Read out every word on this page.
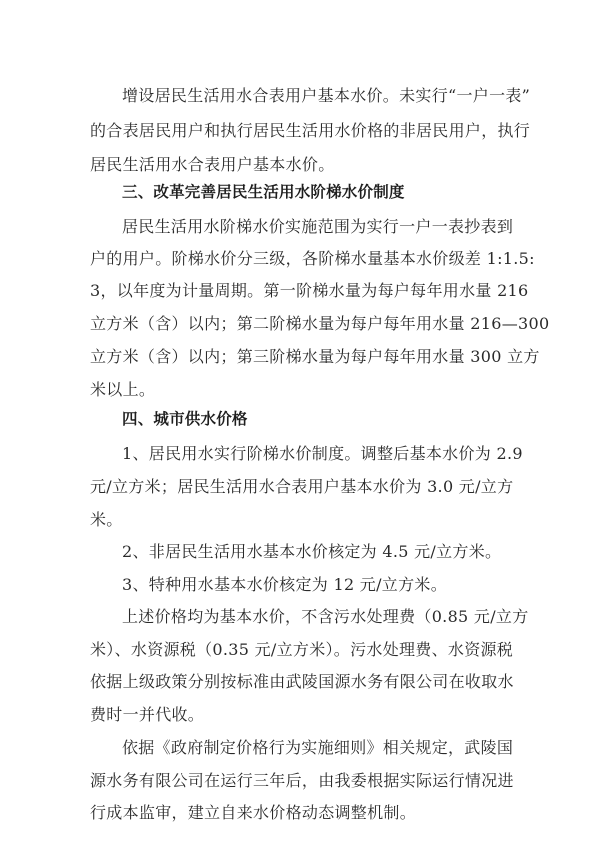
增设居民生活用水合表用户基本水价。未实行“一户一表”
的合表居民用户和执行居民生活用水价格的非居民用户，执行
居民生活用水合表用户基本水价。
三、改革完善居民生活用水阶梯水价制度
居民生活用水阶梯水价实施范围为实行一户一表抄表到
户的用户。阶梯水价分三级，各阶梯水量基本水价级差 1:1.5:
3，以年度为计量周期。第一阶梯水量为每户每年用水量 216
立方米（含）以内；第二阶梯水量为每户每年用水量 216—300
立方米（含）以内；第三阶梯水量为每户每年用水量 300 立方
米以上。
四、城市供水价格
1、居民用水实行阶梯水价制度。调整后基本水价为 2.9
元/立方米；居民生活用水合表用户基本水价为 3.0 元/立方
米。
2、非居民生活用水基本水价核定为 4.5 元/立方米。
3、特种用水基本水价核定为 12 元/立方米。
上述价格均为基本水价，不含污水处理费（0.85 元/立方
米）、水资源税（0.35 元/立方米）。污水处理费、水资源税
依据上级政策分别按标准由武陵国源水务有限公司在收取水
费时一并代收。
依据《政府制定价格行为实施细则》相关规定，武陵国
源水务有限公司在运行三年后，由我委根据实际运行情况进
行成本监审，建立自来水价格动态调整机制。
